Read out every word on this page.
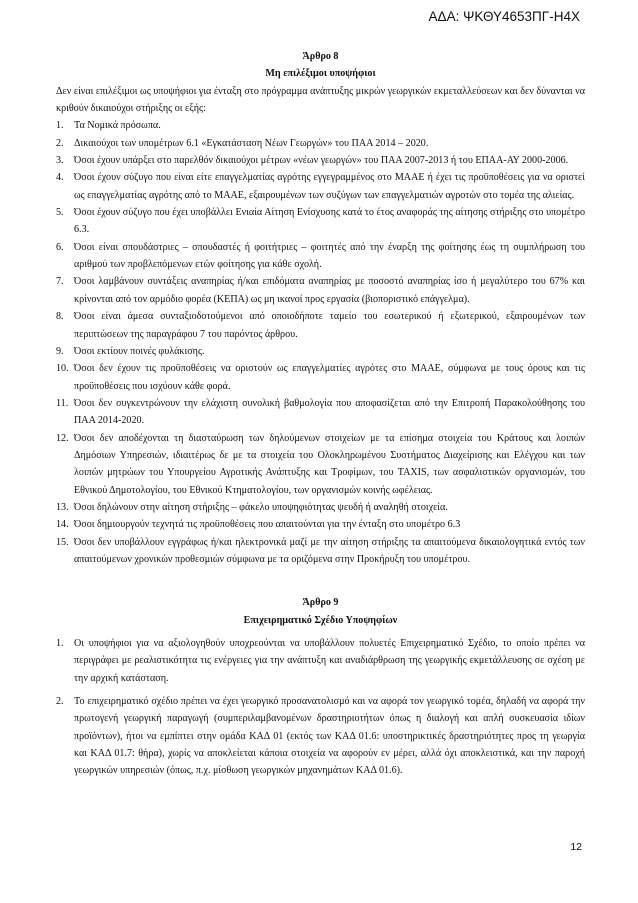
ΑΔΑ: ΨΚΘΥ4653ΠΓ-Η4Χ
Άρθρο 8
Μη επιλέξιμοι υποψήφιοι

Δεν είναι επιλέξιμοι ως υποψήφιοι για ένταξη στο πρόγραμμα ανάπτυξης μικρών γεωργικών εκμεταλλεύσεων και δεν δύνανται να κριθούν δικαιούχοι στήριξης οι εξής:

1. Τα Νομικά πρόσωπα.
2. Δικαιούχοι των υπομέτρων 6.1 «Εγκατάσταση Νέων Γεωργών» του ΠΑΑ 2014 – 2020.
3. Όσοι έχουν υπάρξει στο παρελθόν δικαιούχοι μέτρων «νέων γεωργών» του ΠΑΑ 2007-2013 ή του ΕΠΑΑ-ΑΥ 2000-2006.
4. Όσοι έχουν σύζυγο που είναι είτε επαγγελματίας αγρότης εγγεγραμμένος στο ΜΑΑΕ ή έχει τις προϋποθέσεις για να οριστεί ως επαγγελματίας αγρότης από το ΜΑΑΕ, εξαιρουμένων των συζύγων των επαγγελματιών αγροτών στο τομέα της αλιείας.
5. Όσοι έχουν σύζυγο που έχει υποβάλλει Ενιαία Αίτηση Ενίσχυσης κατά το έτος αναφοράς της αίτησης στήριξης στο υπομέτρο 6.3.
6. Όσοι είναι σπουδάστριες – σπουδαστές ή φοιτήτριες – φοιτητές από την έναρξη της φοίτησης έως τη συμπλήρωση του αριθμού των προβλεπόμενων ετών φοίτησης για κάθε σχολή.
7. Όσοι λαμβάνουν συντάξεις αναπηρίας ή/και επιδόματα αναπηρίας με ποσοστό αναπηρίας ίσο ή μεγαλύτερο του 67% και κρίνονται από τον αρμόδιο φορέα (ΚΕΠΑ) ως μη ικανοί προς εργασία (βιοποριστικό επάγγελμα).
8. Όσοι είναι άμεσα συνταξιοδοτούμενοι από οποιοδήποτε ταμείο του εσωτερικού ή εξωτερικού, εξαιρουμένων των περιπτώσεων της παραγράφου 7 του παρόντος άρθρου.
9. Όσοι εκτίουν ποινές φυλάκισης.
10. Όσοι δεν έχουν τις προϋποθέσεις να οριστούν ως επαγγελματίες αγρότες στο ΜΑΑΕ, σύμφωνα με τους όρους και τις προϋποθέσεις που ισχύουν κάθε φορά.
11. Όσοι δεν συγκεντρώνουν την ελάχιστη συνολική βαθμολογία που αποφασίζεται από την Επιτροπή Παρακολούθησης του ΠΑΑ 2014-2020.
12. Όσοι δεν αποδέχονται τη διασταύρωση των δηλούμενων στοιχείων με τα επίσημα στοιχεία του Κράτους και λοιπών Δημόσιων Υπηρεσιών, ιδιαιτέρως δε με τα στοιχεία του Ολοκληρωμένου Συστήματος Διαχείρισης και Ελέγχου και των λοιπών μητρώων του Υπουργείου Αγροτικής Ανάπτυξης και Τροφίμων, του TAXIS, των ασφαλιστικών οργανισμών, του Εθνικού Δημοτολογίου, του Εθνικού Κτηματολογίου, των οργανισμών κοινής ωφέλειας.
13. Όσοι δηλώνουν στην αίτηση στήριξης – φάκελο υποψηφιότητας ψευδή ή αναληθή στοιχεία.
14. Όσοι δημιουργούν τεχνητά τις προϋποθέσεις που απαιτούνται για την ένταξη στο υπομέτρο 6.3
15. Όσοι δεν υποβάλλουν εγγράφως ή/και ηλεκτρονικά μαζί με την αίτηση στήριξης τα απαιτούμενα δικαιολογητικά εντός των απαιτούμενων χρονικών προθεσμιών σύμφωνα με τα οριζόμενα στην Προκήρυξη του υπομέτρου.
Άρθρο 9
Επιχειρηματικό Σχέδιο Υποψηφίων
1. Οι υποψήφιοι για να αξιολογηθούν υποχρεούνται να υποβάλλουν πολυετές Επιχειρηματικό Σχέδιο, το οποίο πρέπει να περιγράφει με ρεαλιστικότητα τις ενέργειες για την ανάπτυξη και αναδιάρθρωση της γεωργικής εκμετάλλευσης σε σχέση με την αρχική κατάσταση.
2. Το επιχειρηματικό σχέδιο πρέπει να έχει γεωργικό προσανατολισμό και να αφορά τον γεωργικό τομέα, δηλαδή να αφορά την πρωτογενή γεωργική παραγωγή (συμπεριλαμβανομένων δραστηριοτήτων όπως η διαλογή και απλή συσκευασία ιδίων προϊόντων), ήτοι να εμπίπτει στην ομάδα ΚΑΔ 01 (εκτός των ΚΑΔ 01.6: υποστηρικτικές δραστηριότητες προς τη γεωργία και ΚΑΔ 01.7: θήρα), χωρίς να αποκλείεται κάποια στοιχεία να αφορούν εν μέρει, αλλά όχι αποκλειστικά, και την παροχή γεωργικών υπηρεσιών (όπως, π.χ. μίσθωση γεωργικών μηχανημάτων ΚΑΔ 01.6).
12
